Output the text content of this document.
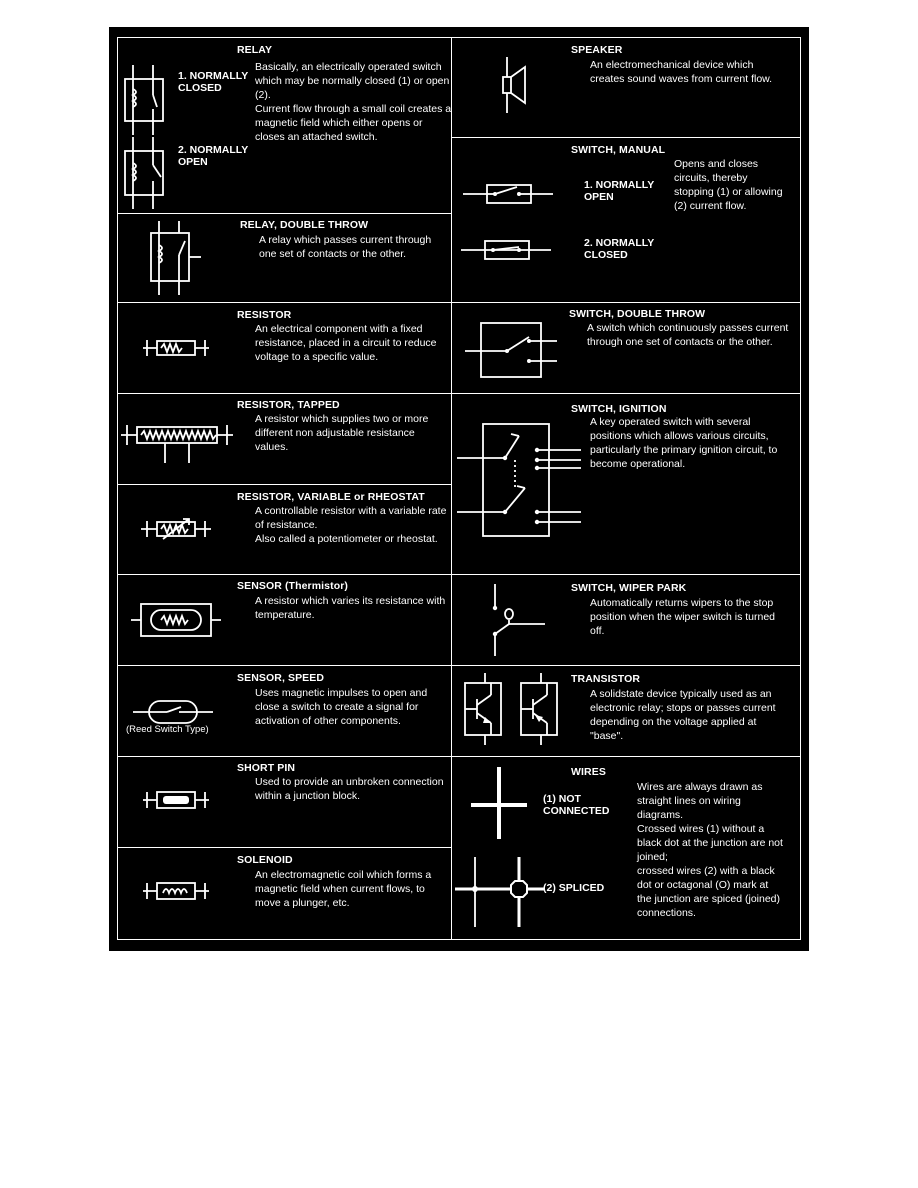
RELAY
Basically, an electrically operated switch which may be normally closed (1) or open (2).
Current flow through a small coil creates a magnetic field which either opens or closes an attached switch.
1. NORMALLY
CLOSED
2. NORMALLY
OPEN
RELAY, DOUBLE THROW
A relay which passes current through one set of contacts or the other.
RESISTOR
An electrical component with a fixed resistance, placed in a circuit to reduce voltage to a specific value.
RESISTOR, TAPPED
A resistor which supplies two or more different non adjustable resistance values.
RESISTOR, VARIABLE or RHEOSTAT
A controllable resistor with a variable rate of resistance.
Also called a potentiometer or rheostat.
SENSOR (Thermistor)
A resistor which varies its resistance with temperature.
SENSOR, SPEED
Uses magnetic impulses to open and close a switch to create a signal for activation of other components.
(Reed Switch Type)
SHORT PIN
Used to provide an unbroken connection within a junction block.
SOLENOID
An electromagnetic coil which forms a magnetic field when current flows, to move a plunger, etc.
SPEAKER
An electromechanical device which creates sound waves from current flow.
SWITCH, MANUAL
Opens and closes circuits, thereby stopping (1) or allowing (2) current flow.
1. NORMALLY
OPEN
2. NORMALLY
CLOSED
SWITCH, DOUBLE THROW
A switch which continuously passes current through one set of contacts or the other.
SWITCH, IGNITION
A key operated switch with several positions which allows various circuits, particularly the primary ignition circuit, to become operational.
SWITCH, WIPER PARK
Automatically returns wipers to the stop position when the wiper switch is turned off.
TRANSISTOR
A solidstate device typically used as an electronic relay; stops or passes current depending on the voltage applied at "base".
WIRES
Wires are always drawn as straight lines on wiring diagrams.
Crossed wires (1) without a black dot at the junction are not joined;
crossed wires (2) with a black dot or octagonal (O) mark at the junction are spiced (joined) connections.
(1) NOT
CONNECTED
(2) SPLICED
